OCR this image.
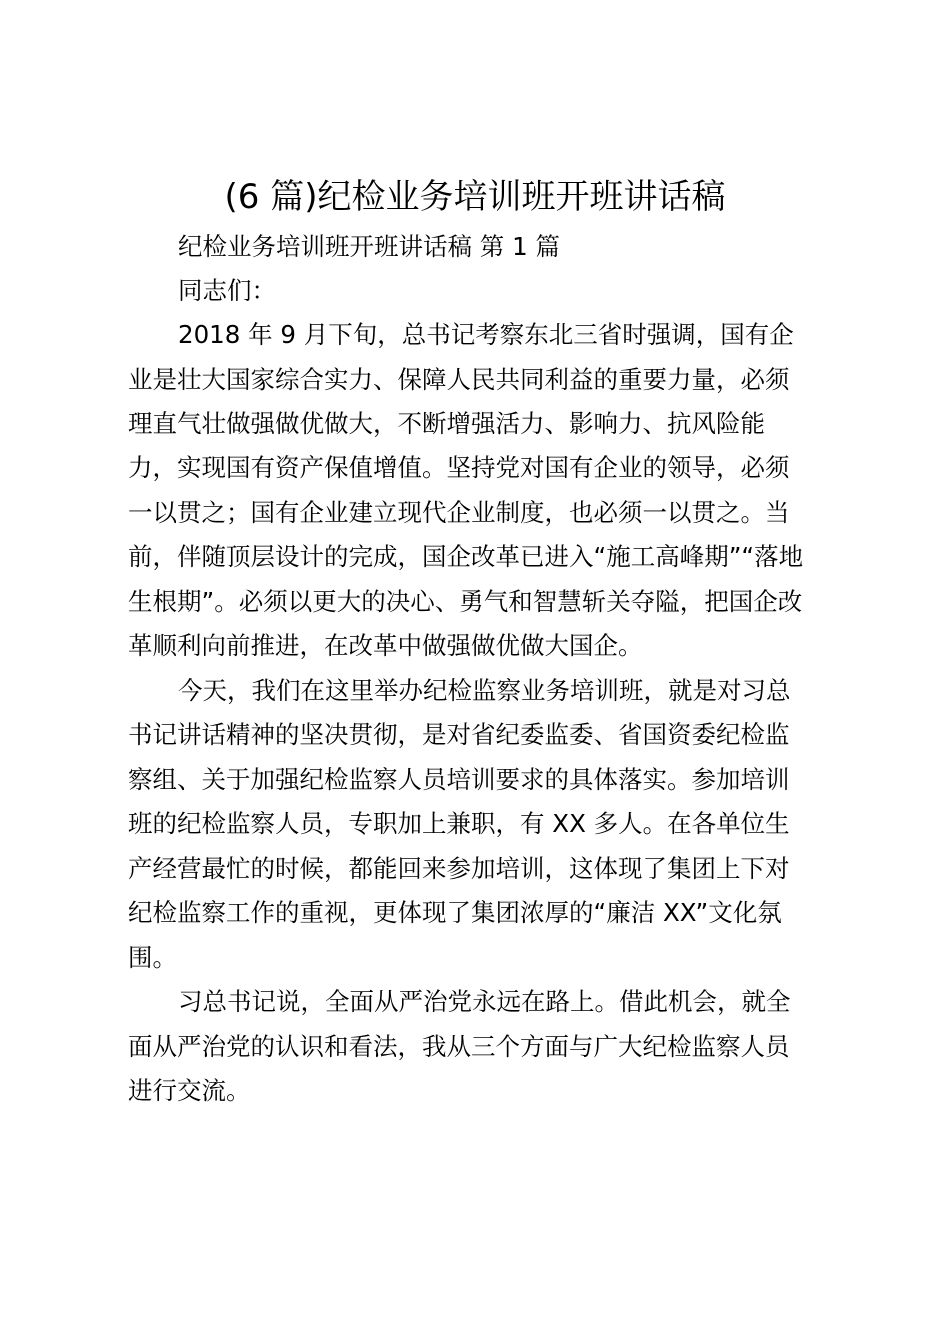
(6 篇)纪检业务培训班开班讲话稿
纪检业务培训班开班讲话稿 第 1 篇
同志们：
2018 年 9 月下旬，总书记考察东北三省时强调，国有企
业是壮大国家综合实力、保障人民共同利益的重要力量，必须
理直气壮做强做优做大，不断增强活力、影响力、抗风险能
力，实现国有资产保值增值。坚持党对国有企业的领导，必须
一以贯之；国有企业建立现代企业制度，也必须一以贯之。当
前，伴随顶层设计的完成，国企改革已进入“施工高峰期”“落地
生根期”。必须以更大的决心、勇气和智慧斩关夺隘，把国企改
革顺利向前推进，在改革中做强做优做大国企。
今天，我们在这里举办纪检监察业务培训班，就是对习总
书记讲话精神的坚决贯彻，是对省纪委监委、省国资委纪检监
察组、关于加强纪检监察人员培训要求的具体落实。参加培训
班的纪检监察人员，专职加上兼职，有 XX 多人。在各单位生
产经营最忙的时候，都能回来参加培训，这体现了集团上下对
纪检监察工作的重视，更体现了集团浓厚的“廉洁 XX”文化氛
围。
习总书记说，全面从严治党永远在路上。借此机会，就全
面从严治党的认识和看法，我从三个方面与广大纪检监察人员
进行交流。
